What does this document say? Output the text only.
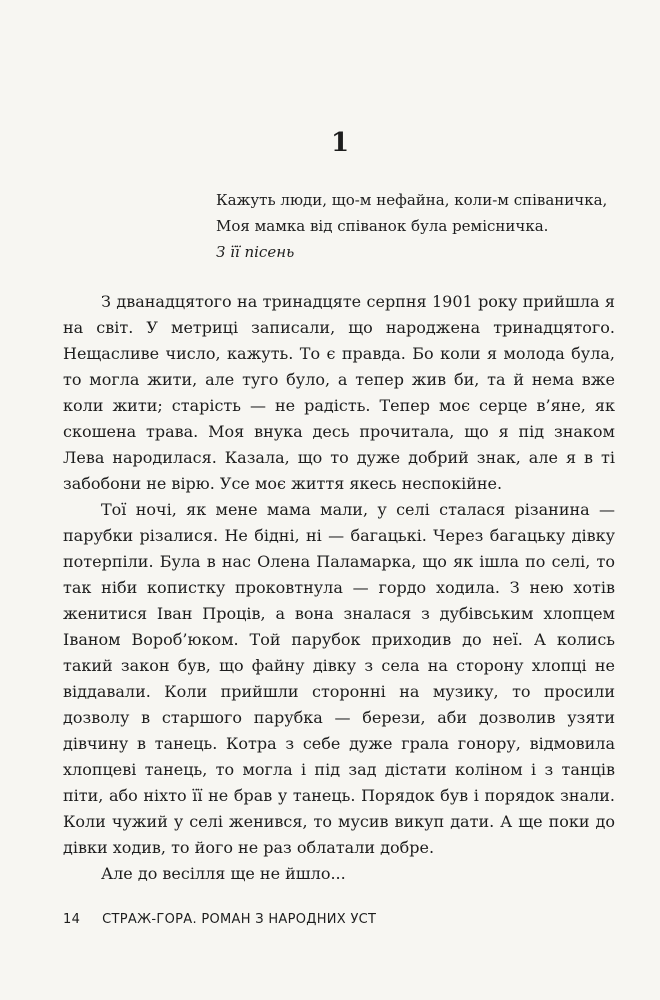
1
Кажуть люди, що-м нефайна, коли-м співаничка,
Моя мамка від співанок була ремісничка.
З її пісень

З дванадцятого на тринадцяте серпня 1901 року прийшла я на світ. У метриці записали, що народжена тринадцятого. Нещасливе число, кажуть. То є правда. Бо коли я молода була, то могла жити, але туго було, а тепер жив би, та й нема вже коли жити; старість — не радість. Тепер моє серце в’яне, як скошена трава. Моя внука десь прочитала, що я під знаком Лева народилася. Казала, що то дуже добрий знак, але я в ті забобони не вірю. Усе моє життя якесь неспокійне.

Тої ночі, як мене мама мали, у селі сталася різанина — парубки різалися. Не бідні, ні — багацькі. Через багацьку дівку потерпіли. Була в нас Олена Паламарка, що як ішла по селі, то так ніби копистку проковтнула — гордо ходила. З нею хотів женитися Іван Проців, а вона зналася з дубівським хлопцем Іваном Вороб’юком. Той парубок приходив до неї. А колись такий закон був, що файну дівку з села на сторону хлопці не віддавали. Коли прийшли сторонні на музику, то просили дозволу в старшого парубка — берези, аби дозволив узяти дівчину в танець. Котра з себе дуже грала гонору, відмовила хлопцеві танець, то могла і під зад дістати коліном і з танців піти, або ніхто її не брав у танець. Порядок був і порядок знали. Коли чужий у селі женився, то мусив викуп дати. А ще поки до дівки ходив, то його не раз облатали добре.

Але до весілля ще не йшло...

14 СТРАЖ-ГОРА. РОМАН З НАРОДНИХ УСТ
